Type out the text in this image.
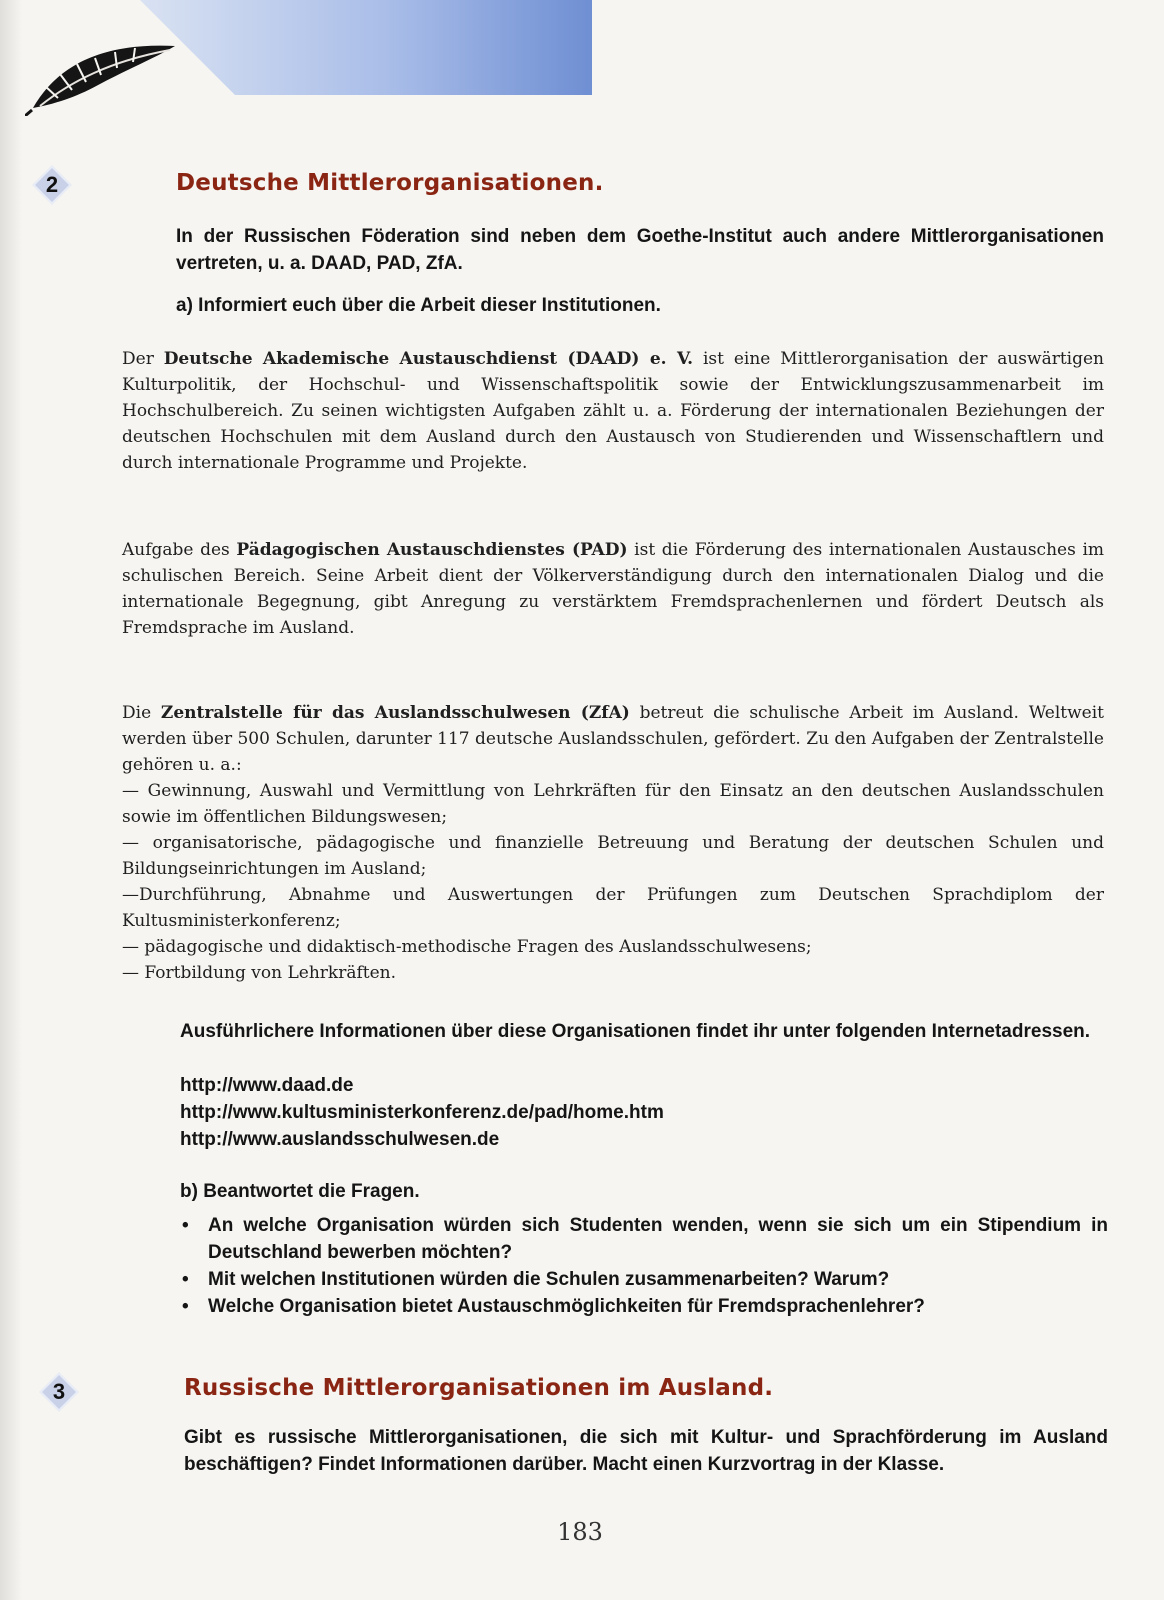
2	Deutsche Mittlerorganisationen.
In der Russischen Föderation sind neben dem Goethe-Institut auch andere Mittlerorganisationen vertreten, u. a. DAAD, PAD, ZfA.
a) Informiert euch über die Arbeit dieser Institutionen.
Der Deutsche Akademische Austauschdienst (DAAD) e. V. ist eine Mittlerorganisation der auswärtigen Kulturpolitik, der Hochschul- und Wissenschaftspolitik sowie der Entwicklungszusammenarbeit im Hochschulbereich. Zu seinen wichtigsten Aufgaben zählt u. a. Förderung der internationalen Beziehungen der deutschen Hochschulen mit dem Ausland durch den Austausch von Studierenden und Wissenschaftlern und durch internationale Programme und Projekte.
Aufgabe des Pädagogischen Austauschdienstes (PAD) ist die Förderung des internationalen Austausches im schulischen Bereich. Seine Arbeit dient der Völkerverständigung durch den internationalen Dialog und die internationale Begegnung, gibt Anregung zu verstärktem Fremdsprachenlernen und fördert Deutsch als Fremdsprache im Ausland.
Die Zentralstelle für das Auslandsschulwesen (ZfA) betreut die schulische Arbeit im Ausland. Weltweit werden über 500 Schulen, darunter 117 deutsche Auslandsschulen, gefördert. Zu den Aufgaben der Zentralstelle gehören u. a.:
— Gewinnung, Auswahl und Vermittlung von Lehrkräften für den Einsatz an den deutschen Auslandsschulen sowie im öffentlichen Bildungswesen;
— organisatorische, pädagogische und finanzielle Betreuung und Beratung der deutschen Schulen und Bildungseinrichtungen im Ausland;
—Durchführung, Abnahme und Auswertungen der Prüfungen zum Deutschen Sprachdiplom der Kultusministerkonferenz;
— pädagogische und didaktisch-methodische Fragen des Auslandsschulwesens;
— Fortbildung von Lehrkräften.
Ausführlichere Informationen über diese Organisationen findet ihr unter folgenden Internetadressen.
http://www.daad.de
http://www.kultusministerkonferenz.de/pad/home.htm
http://www.auslandsschulwesen.de
b) Beantwortet die Fragen.
• An welche Organisation würden sich Studenten wenden, wenn sie sich um ein Stipendium in Deutschland bewerben möchten?
• Mit welchen Institutionen würden die Schulen zusammenarbeiten? Warum?
• Welche Organisation bietet Austauschmöglichkeiten für Fremdsprachenlehrer?
3	Russische Mittlerorganisationen im Ausland.
Gibt es russische Mittlerorganisationen, die sich mit Kultur- und Sprachförderung im Ausland beschäftigen? Findet Informationen darüber. Macht einen Kurzvortrag in der Klasse.
183
